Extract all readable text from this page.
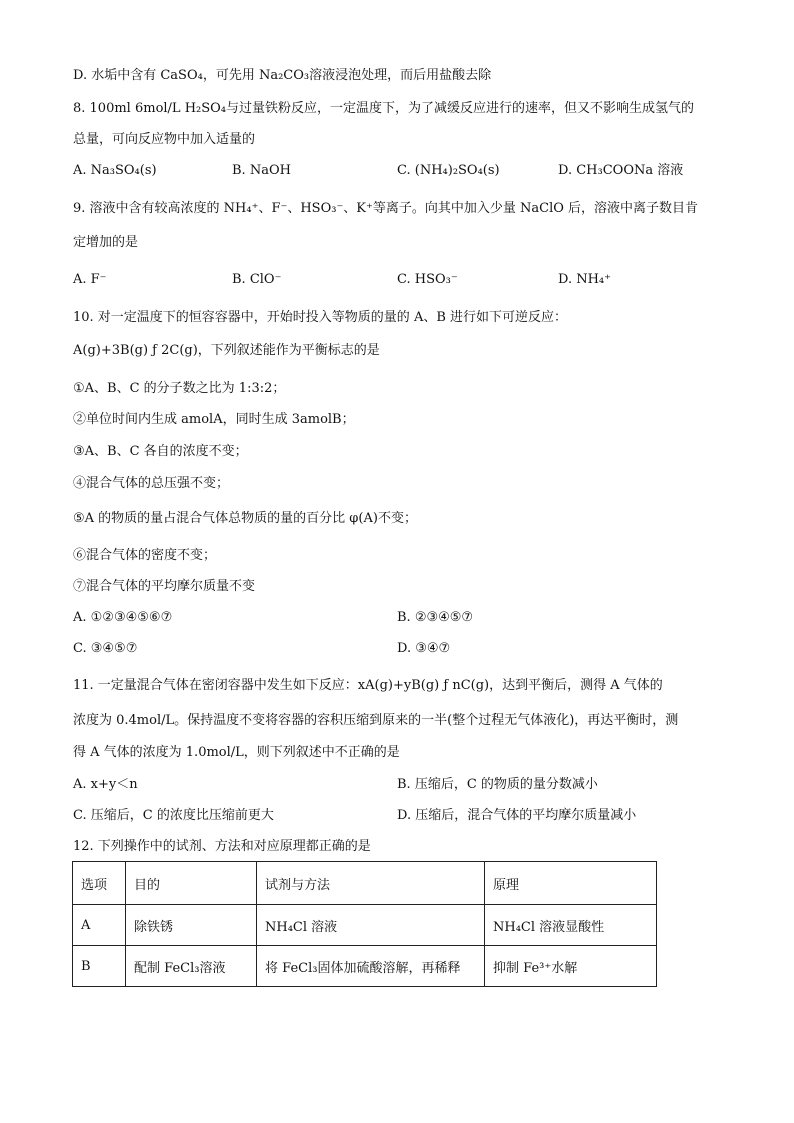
D. 水垢中含有 CaSO₄，可先用 Na₂CO₃溶液浸泡处理，而后用盐酸去除
8. 100ml 6mol/L H₂SO₄与过量铁粉反应，一定温度下，为了减缓反应进行的速率，但又不影响生成氢气的
总量，可向反应物中加入适量的
A. Na₃SO₄(s)	B. NaOH	C. (NH₄)₂SO₄(s)	D. CH₃COONa 溶液
9. 溶液中含有较高浓度的 NH₄⁺、F⁻、HSO₃⁻、K⁺等离子。向其中加入少量 NaClO 后，溶液中离子数目肯
定增加的是
A. F⁻	B. ClO⁻	C. HSO₃⁻	D. NH₄⁺
10. 对一定温度下的恒容容器中，开始时投入等物质的量的 A、B 进行如下可逆反应：
A(g)+3B(g) ƒ 2C(g)，下列叙述能作为平衡标志的是
①A、B、C 的分子数之比为 1:3:2；
②单位时间内生成 amolA，同时生成 3amolB；
③A、B、C 各自的浓度不变；
④混合气体的总压强不变；
⑤A 的物质的量占混合气体总物质的量的百分比 φ(A)不变；
⑥混合气体的密度不变；
⑦混合气体的平均摩尔质量不变
A. ①②③④⑤⑥⑦	B. ②③④⑤⑦
C. ③④⑤⑦	D. ③④⑦
11. 一定量混合气体在密闭容器中发生如下反应：xA(g)+yB(g) ƒ nC(g)，达到平衡后，测得 A 气体的
浓度为 0.4mol/L。保持温度不变将容器的容积压缩到原来的一半(整个过程无气体液化)，再达平衡时，测
得 A 气体的浓度为 1.0mol/L，则下列叙述中不正确的是
A. x+y＜n	B. 压缩后，C 的物质的量分数减小
C. 压缩后，C 的浓度比压缩前更大	D. 压缩后，混合气体的平均摩尔质量减小
12. 下列操作中的试剂、方法和对应原理都正确的是
选项	目的	试剂与方法	原理
A	除铁锈	NH₄Cl 溶液	NH₄Cl 溶液显酸性
B	配制 FeCl₃溶液	将 FeCl₃固体加硫酸溶解，再稀释	抑制 Fe³⁺水解
